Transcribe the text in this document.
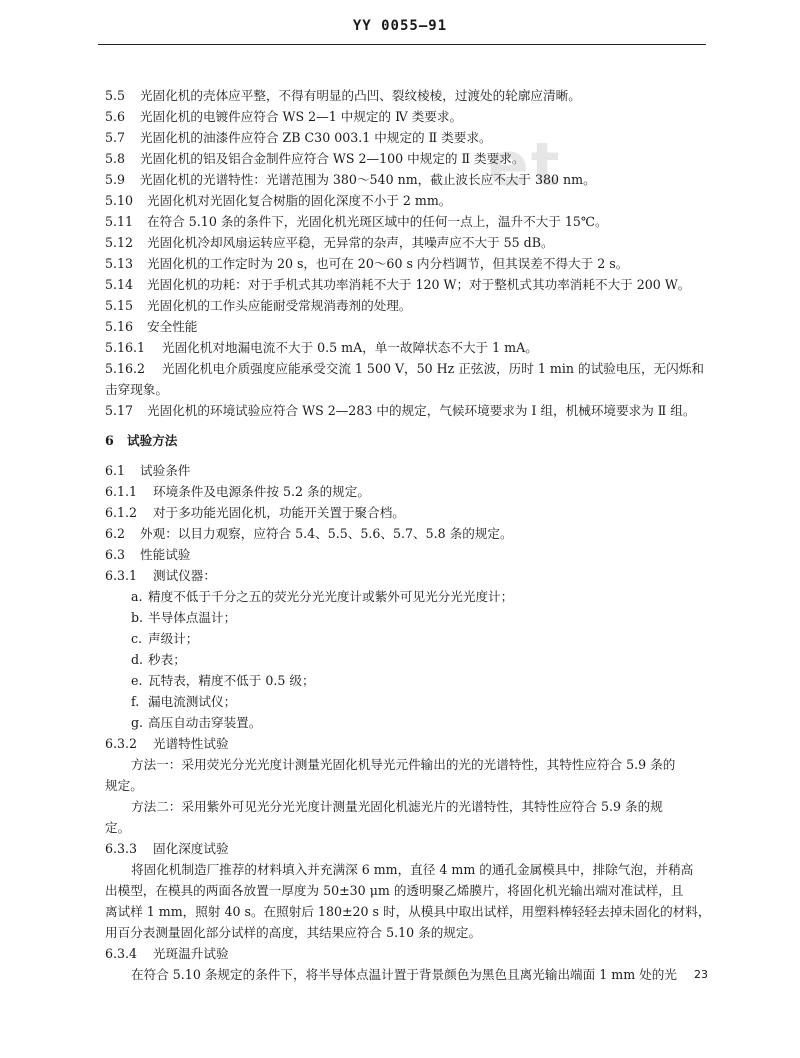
YY 0055—91
et
5.5 光固化机的壳体应平整，不得有明显的凸凹、裂纹棱棱，过渡处的轮廓应清晰。
5.6 光固化机的电镀件应符合 WS 2—1 中规定的 Ⅳ 类要求。
5.7 光固化机的油漆件应符合 ZB C30 003.1 中规定的 Ⅱ 类要求。
5.8 光固化机的铝及铝合金制件应符合 WS 2—100 中规定的 Ⅱ 类要求。
5.9 光固化机的光谱特性：光谱范围为 380～540 nm，截止波长应不大于 380 nm。
5.10 光固化机对光固化复合树脂的固化深度不小于 2 mm。
5.11 在符合 5.10 条的条件下，光固化机光斑区域中的任何一点上，温升不大于 15℃。
5.12 光固化机冷却风扇运转应平稳，无异常的杂声，其噪声应不大于 55 dB。
5.13 光固化机的工作定时为 20 s，也可在 20～60 s 内分档调节，但其误差不得大于 2 s。
5.14 光固化机的功耗：对于手机式其功率消耗不大于 120 W；对于整机式其功率消耗不大于 200 W。
5.15 光固化机的工作头应能耐受常规消毒剂的处理。
5.16 安全性能
5.16.1 光固化机对地漏电流不大于 0.5 mA，单一故障状态不大于 1 mA。
5.16.2 光固化机电介质强度应能承受交流 1 500 V，50 Hz 正弦波，历时 1 min 的试验电压，无闪烁和
击穿现象。
5.17 光固化机的环境试验应符合 WS 2—283 中的规定，气候环境要求为 Ⅰ 组，机械环境要求为 Ⅱ 组。
6 试验方法
6.1 试验条件
6.1.1 环境条件及电源条件按 5.2 条的规定。
6.1.2 对于多功能光固化机，功能开关置于聚合档。
6.2 外观：以目力观察，应符合 5.4、5.5、5.6、5.7、5.8 条的规定。
6.3 性能试验
6.3.1 测试仪器：
a. 精度不低于千分之五的荧光分光光度计或紫外可见光分光光度计；
b. 半导体点温计；
c. 声级计；
d. 秒表；
e. 瓦特表，精度不低于 0.5 级；
f. 漏电流测试仪；
g. 高压自动击穿装置。
6.3.2 光谱特性试验
方法一：采用荧光分光光度计测量光固化机导光元件输出的光的光谱特性，其特性应符合 5.9 条的
规定。
方法二：采用紫外可见光分光光度计测量光固化机滤光片的光谱特性，其特性应符合 5.9 条的规
定。
6.3.3 固化深度试验
将固化机制造厂推荐的材料填入并充满深 6 mm，直径 4 mm 的通孔金属模具中，排除气泡，并稍高
出模型，在模具的两面各放置一厚度为 50±30 μm 的透明聚乙烯膜片，将固化机光输出端对准试样，且
离试样 1 mm，照射 40 s。在照射后 180±20 s 时，从模具中取出试样，用塑料棒轻轻去掉未固化的材料，
用百分表测量固化部分试样的高度，其结果应符合 5.10 条的规定。
6.3.4 光斑温升试验
在符合 5.10 条规定的条件下，将半导体点温计置于背景颜色为黑色且离光输出端面 1 mm 处的光 23
